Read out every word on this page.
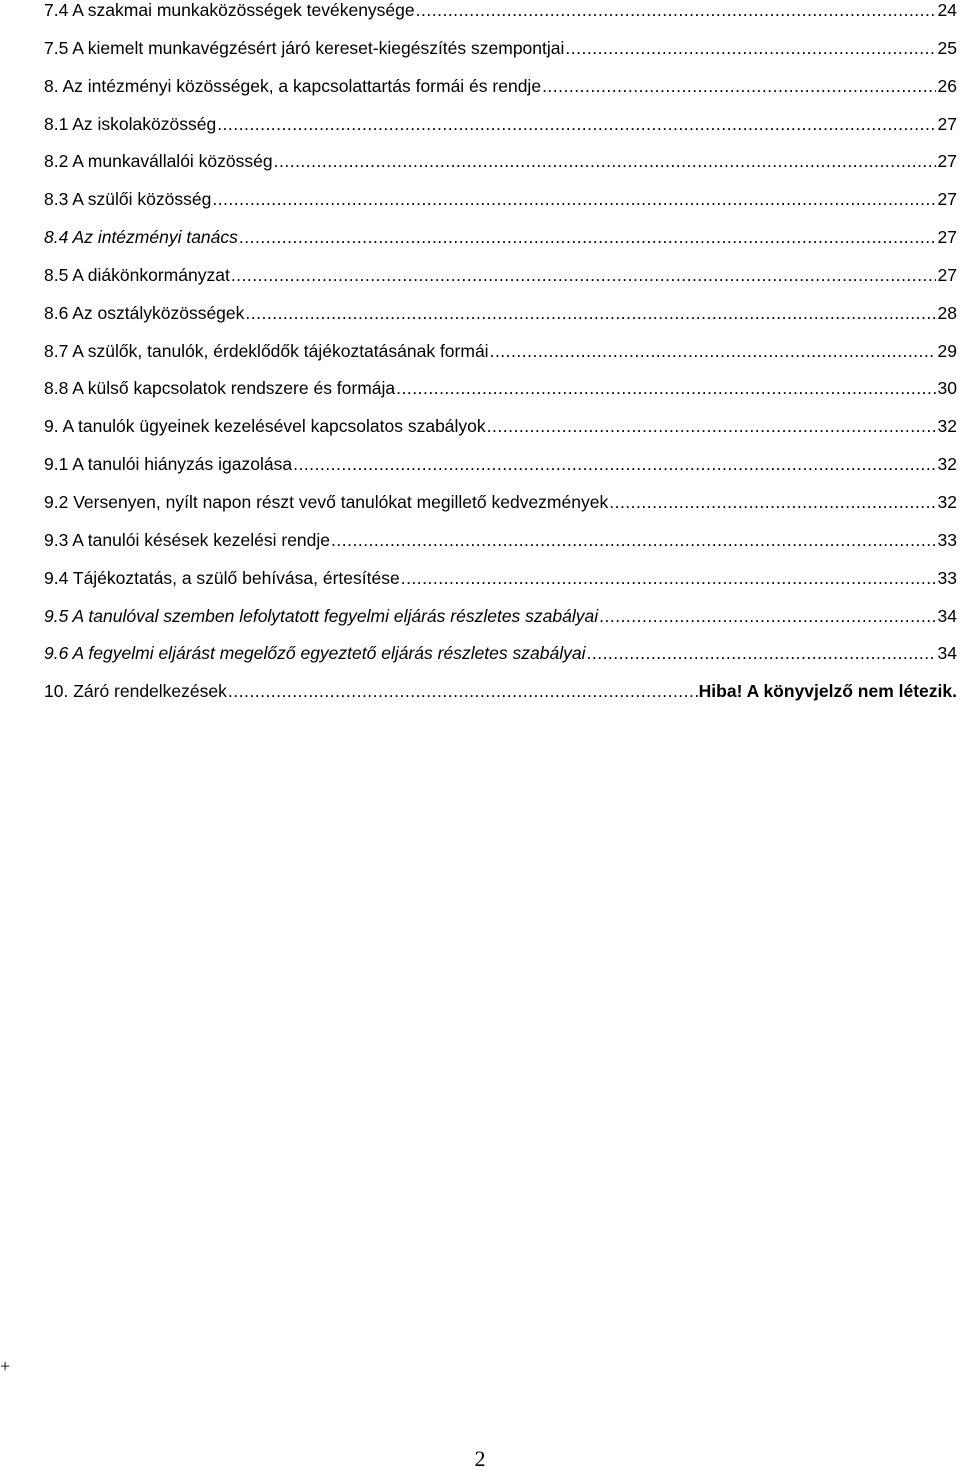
7.4 A szakmai munkaközösségek tevékenysége .....	24
7.5 A kiemelt munkavégzésért járó kereset-kiegészítés szempontjai .....	25
8. Az intézményi közösségek, a kapcsolattartás formái és rendje .....	26
8.1 Az iskolaközösség .....	27
8.2 A munkavállalói közösség .....	27
8.3 A szülői közösség .....	27
8.4 Az intézményi tanács .....	27
8.5 A diákönkormányzat .....	27
8.6 Az osztályközösségek .....	28
8.7 A szülők, tanulók, érdeklődők tájékoztatásának formái .....	29
8.8 A külső kapcsolatok rendszere és formája .....	30
9. A tanulók ügyeinek kezelésével kapcsolatos szabályok .....	32
9.1 A tanulói hiányzás igazolása .....	32
9.2 Versenyen, nyílt napon részt vevő tanulókat megillető kedvezmények .....	32
9.3 A tanulói késések kezelési rendje .....	33
9.4 Tájékoztatás, a szülő behívása, értesítése .....	33
9.5 A tanulóval szemben lefolytatott fegyelmi eljárás részletes szabályai .....	34
9.6 A fegyelmi eljárást megelőző egyeztető eljárás részletes szabályai .....	34
10. Záró rendelkezések .....	Hiba! A könyvjelző nem létezik.
+
2
